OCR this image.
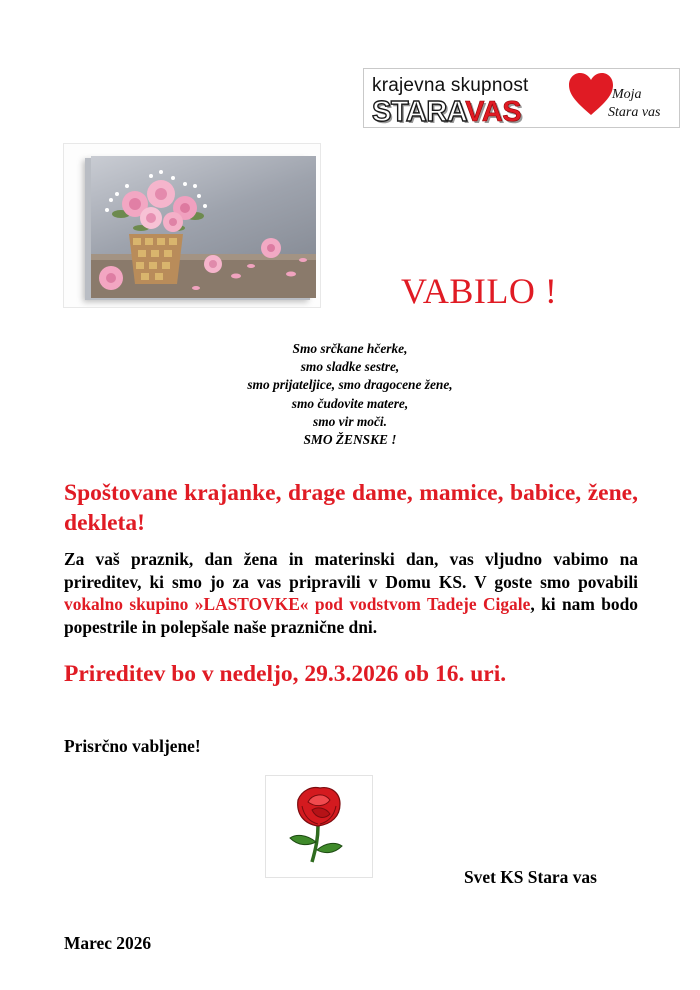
krajevna skupnost
STARAVAS
Moja
Stara vas
VABILO !
Smo srčkane hčerke,
smo sladke sestre,
smo prijateljice, smo dragocene žene,
smo čudovite matere,
smo vir moči.
SMO ŽENSKE !
Spoštovane krajanke, drage dame, mamice, babice, žene, dekleta!
Za vaš praznik, dan žena in materinski dan, vas vljudno vabimo na prireditev, ki smo jo za vas pripravili v Domu KS. V goste smo povabili vokalno skupino »LASTOVKE« pod vodstvom Tadeje Cigale, ki nam bodo popestrile in polepšale naše praznične dni.
Prireditev bo v nedeljo, 29.3.2026 ob 16. uri.
Prisrčno vabljene!
Svet KS Stara vas
Marec 2026
